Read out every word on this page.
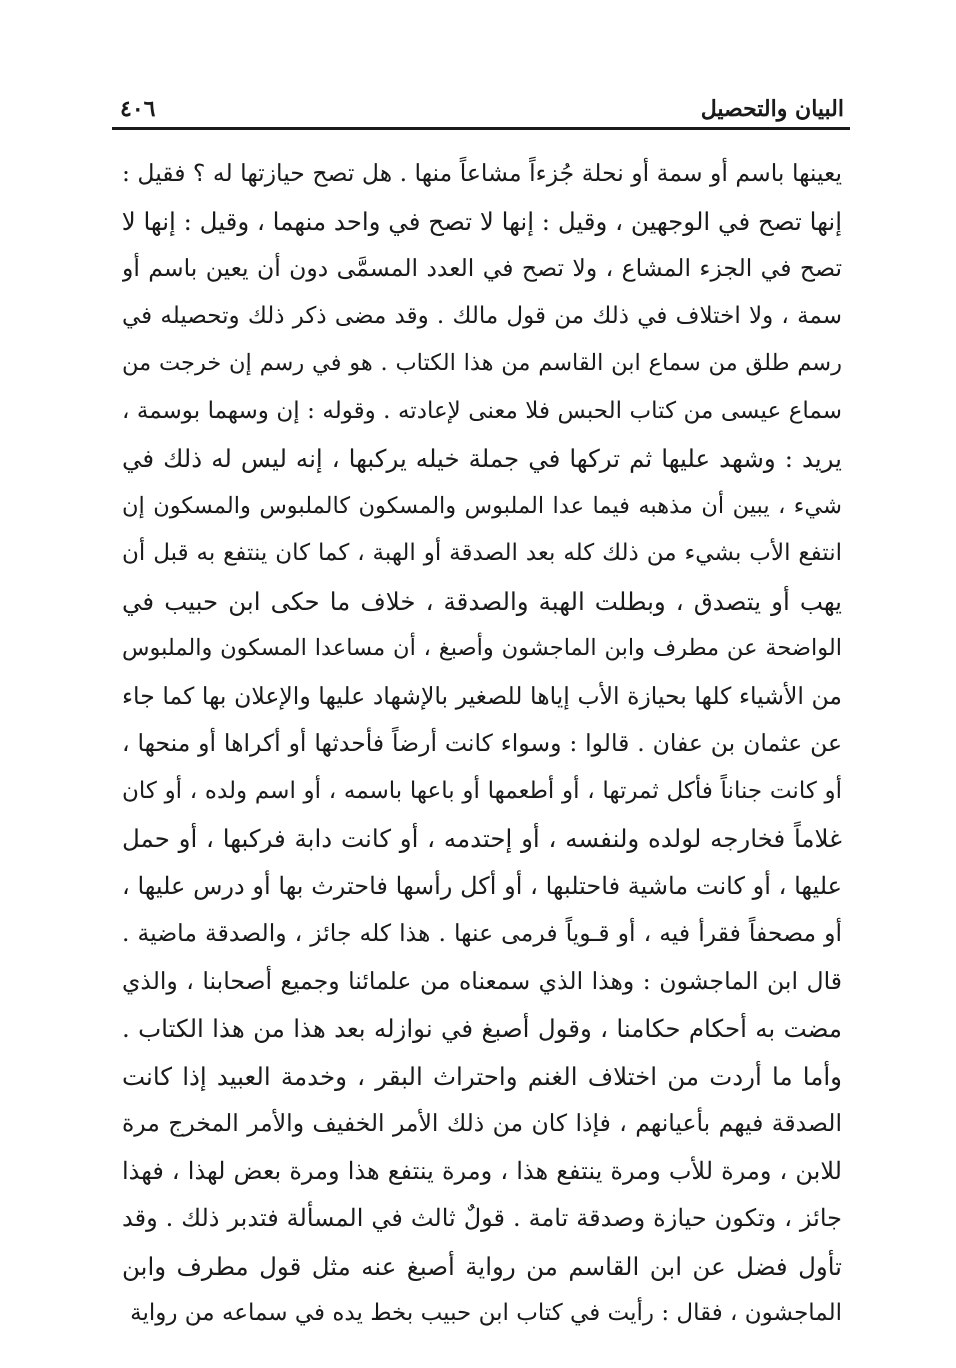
البيان والتحصيل
٤٠٦
يعينها باسم أو سمة أو نحلة جُزءاً مشاعاً منها . هل تصح حيازتها له ؟ فقيل :
إنها تصح في الوجهين ، وقيل : إنها لا تصح في واحد منهما ، وقيل : إنها لا
تصح في الجزء المشاع ، ولا تصح في العدد المسمَّى دون أن يعين باسم أو
سمة ، ولا اختلاف في ذلك من قول مالك . وقد مضى ذكر ذلك وتحصيله في
رسم طلق من سماع ابن القاسم من هذا الكتاب . هو في رسم إن خرجت من
سماع عيسى من كتاب الحبس فلا معنى لإعادته . وقوله : إن وسهما بوسمة ،
يريد : وشهد عليها ثم تركها في جملة خيله يركبها ، إنه ليس له ذلك في
شيء ، يبين أن مذهبه فيما عدا الملبوس والمسكون كالملبوس والمسكون إن
انتفع الأب بشيء من ذلك كله بعد الصدقة أو الهبة ، كما كان ينتفع به قبل أن
يهب أو يتصدق ، وبطلت الهبة والصدقة ، خلاف ما حكى ابن حبيب في
الواضحة عن مطرف وابن الماجشون وأصبغ ، أن مساعدا المسكون والملبوس
من الأشياء كلها بحيازة الأب إياها للصغير بالإشهاد عليها والإعلان بها كما جاء
عن عثمان بن عفان . قالوا : وسواء كانت أرضاً فأحدثها أو أكراها أو منحها ،
أو كانت جناناً فأكل ثمرتها ، أو أطعمها أو باعها باسمه ، أو اسم ولده ، أو كان
غلاماً فخارجه لولده ولنفسه ، أو إحتدمه ، أو كانت دابة فركبها ، أو حمل
عليها ، أو كانت ماشية فاحتلبها ، أو أكل رأسها فاحترث بها أو درس عليها ،
أو مصحفاً فقرأ فيه ، أو قـوياً فرمى عنها . هذا كله جائز ، والصدقة ماضية .
قال ابن الماجشون : وهذا الذي سمعناه من علمائنا وجميع أصحابنا ، والذي
مضت به أحكام حكامنا ، وقول أصبغ في نوازله بعد هذا من هذا الكتاب .
وأما ما أردت من اختلاف الغنم واحتراث البقر ، وخدمة العبيد إذا كانت
الصدقة فيهم بأعيانهم ، فإذا كان من ذلك الأمر الخفيف والأمر المخرج مرة
للابن ، ومرة للأب ومرة ينتفع هذا ، ومرة ينتفع هذا ومرة بعض لهذا ، فهذا
جائز ، وتكون حيازة وصدقة تامة . قولٌ ثالث في المسألة فتدبر ذلك . وقد
تأول فضل عن ابن القاسم من رواية أصبغ عنه مثل قول مطرف وابن
الماجشون ، فقال : رأيت في كتاب ابن حبيب بخط يده في سماعه من رواية
